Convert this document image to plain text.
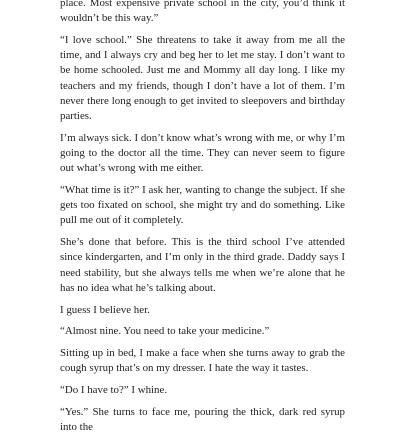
place. Most expensive private school in the city, you’d think it wouldn’t be this way.”

“I love school.” She threatens to take it away from me all the time, and I always cry and beg her to let me stay. I don’t want to be home schooled. Just me and Mommy all day long. I like my teachers and my friends, though I don’t have a lot of them. I’m never there long enough to get invited to sleepovers and birthday parties.

I’m always sick. I don’t know what’s wrong with me, or why I’m going to the doctor all the time. They can never seem to figure out what’s wrong with me either.

“What time is it?” I ask her, wanting to change the subject. If she gets too fixated on school, she might try and do something. Like pull me out of it completely.

She’s done that before. This is the third school I’ve attended since kindergarten, and I’m only in the third grade. Daddy says I need stability, but she always tells me when we’re alone that he has no idea what he’s talking about.

I guess I believe her.

“Almost nine. You need to take your medicine.”

Sitting up in bed, I make a face when she turns away to grab the cough syrup that’s on my dresser. I hate the way it tastes.

“Do I have to?” I whine.

“Yes.” She turns to face me, pouring the thick, dark red syrup into the
